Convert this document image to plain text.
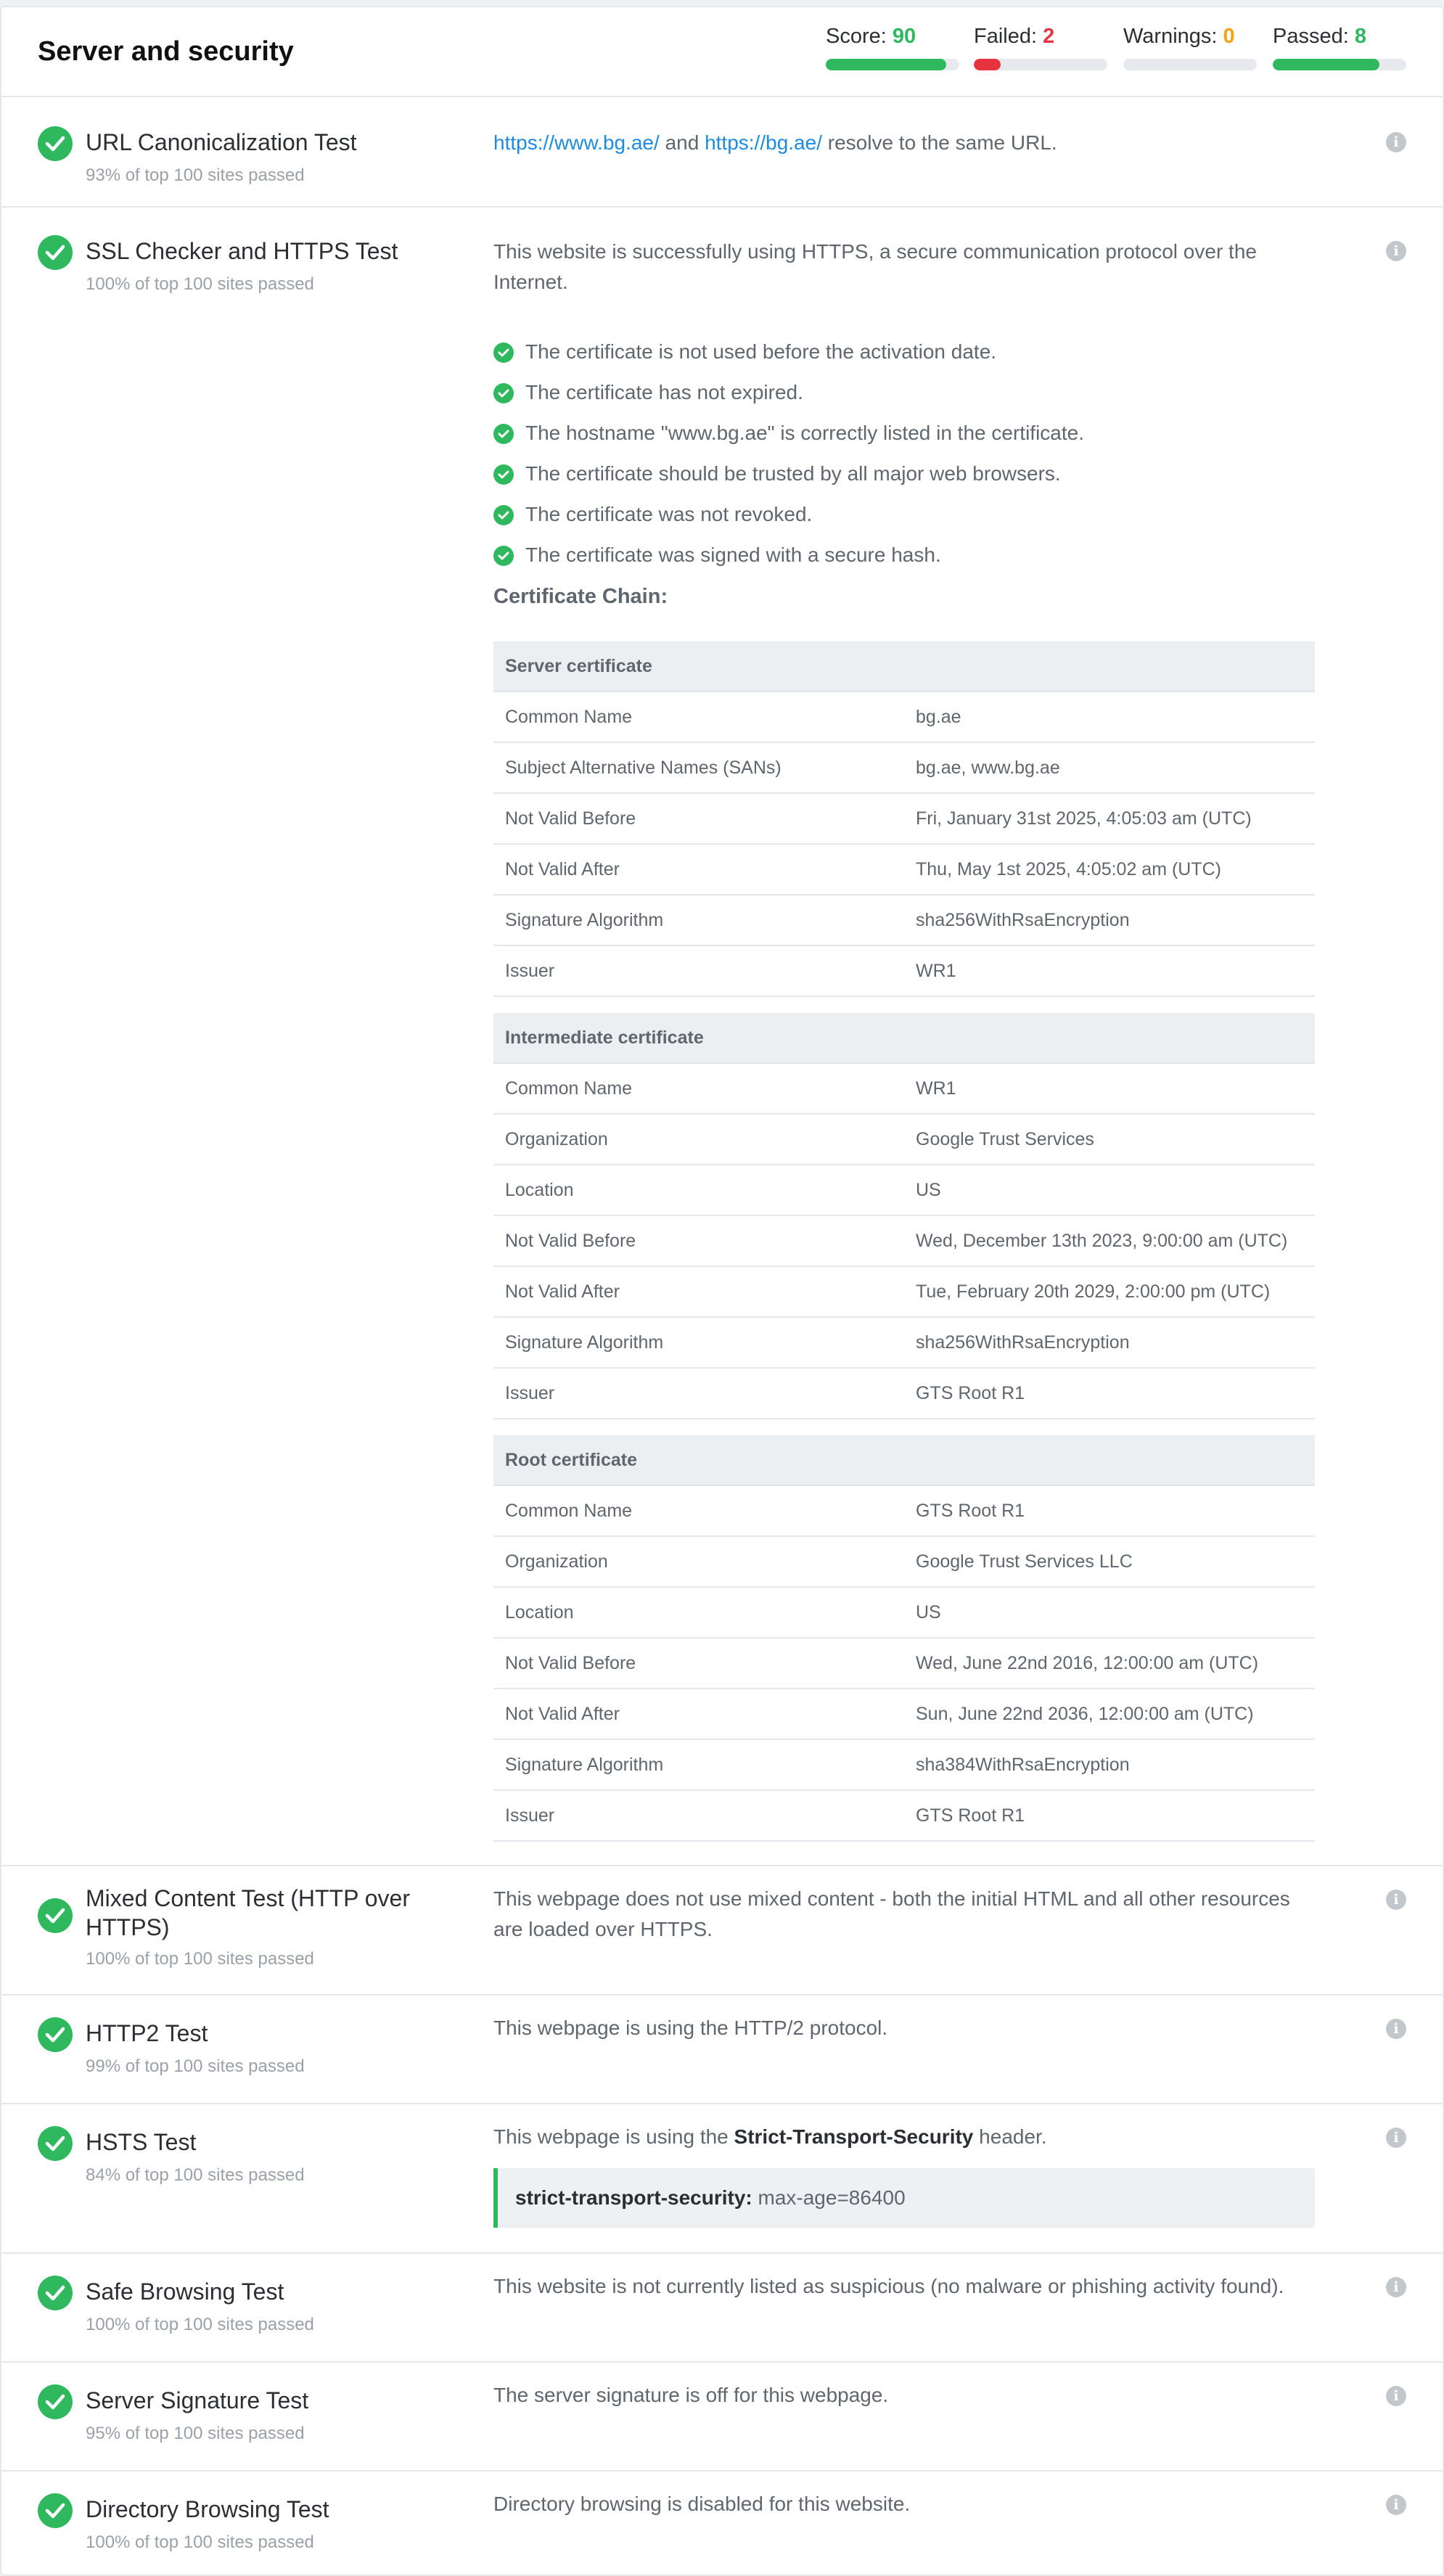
Server and security	Score: 90	Failed: 2	Warnings: 0	Passed: 8
URL Canonicalization Test
93% of top 100 sites passed
https://www.bg.ae/ and https://bg.ae/ resolve to the same URL.	i
SSL Checker and HTTPS Test
100% of top 100 sites passed
This website is successfully using HTTPS, a secure communication protocol over the Internet.
i
The certificate is not used before the activation date.
The certificate has not expired.
The hostname "www.bg.ae" is correctly listed in the certificate.
The certificate should be trusted by all major web browsers.
The certificate was not revoked.
The certificate was signed with a secure hash.
Certificate Chain:
Server certificate
Common Name	bg.ae
Subject Alternative Names (SANs)	bg.ae, www.bg.ae
Not Valid Before	Fri, January 31st 2025, 4:05:03 am (UTC)
Not Valid After	Thu, May 1st 2025, 4:05:02 am (UTC)
Signature Algorithm	sha256WithRsaEncryption
Issuer	WR1
Intermediate certificate
Common Name	WR1
Organization	Google Trust Services
Location	US
Not Valid Before	Wed, December 13th 2023, 9:00:00 am (UTC)
Not Valid After	Tue, February 20th 2029, 2:00:00 pm (UTC)
Signature Algorithm	sha256WithRsaEncryption
Issuer	GTS Root R1
Root certificate
Common Name	GTS Root R1
Organization	Google Trust Services LLC
Location	US
Not Valid Before	Wed, June 22nd 2016, 12:00:00 am (UTC)
Not Valid After	Sun, June 22nd 2036, 12:00:00 am (UTC)
Signature Algorithm	sha384WithRsaEncryption
Issuer	GTS Root R1
Mixed Content Test (HTTP over HTTPS)
100% of top 100 sites passed
This webpage does not use mixed content - both the initial HTML and all other resources are loaded over HTTPS.
i
HTTP2 Test
99% of top 100 sites passed
This webpage is using the HTTP/2 protocol.	i
HSTS Test
84% of top 100 sites passed
This webpage is using the Strict-Transport-Security header.	i
strict-transport-security: max-age=86400
Safe Browsing Test
100% of top 100 sites passed
This website is not currently listed as suspicious (no malware or phishing activity found).	i
Server Signature Test
95% of top 100 sites passed
The server signature is off for this webpage.	i
Directory Browsing Test
100% of top 100 sites passed
Directory browsing is disabled for this website.	i
